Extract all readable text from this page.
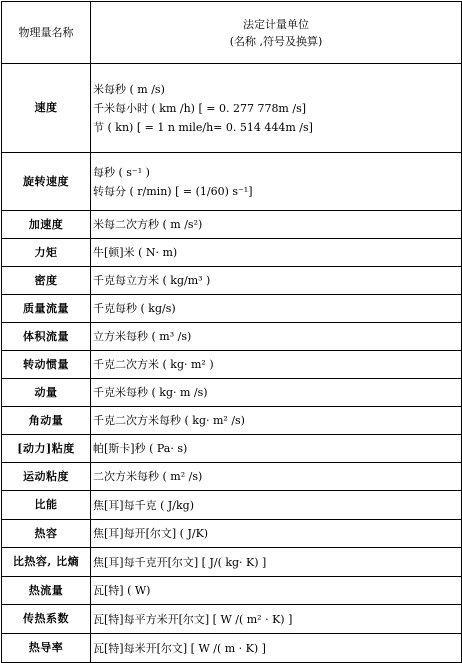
物理量名称	法定计量单位
(名称 ,符号及换算)

速度	米每秒 ( m /s)
千米每小时 ( km /h) [ = 0. 277 778m /s]
节 ( kn) [ = 1 n mile/h= 0. 514 444m /s]

旋转速度	每秒 ( s⁻¹ )
转每分 ( r/min) [ = (1/60) s⁻¹]

加速度	米每二次方秒 ( m /s²)

力矩	牛[顿]米 ( N· m)

密度	千克每立方米 ( kg/m³ )

质量流量	千克每秒 ( kg/s)

体积流量	立方米每秒 ( m³ /s)

转动惯量	千克二次方米 ( kg· m² )

动量	千克米每秒 ( kg· m /s)

角动量	千克二次方米每秒 ( kg· m² /s)

[动力]粘度	帕[斯卡]秒 ( Pa· s)

运动粘度	二次方米每秒 ( m² /s)

比能	焦[耳]每千克 ( J/kg)

热容	焦[耳]每开[尔文] ( J/K)

比热容, 比熵	焦[耳]每千克开[尔文] [ J/( kg· K) ]

热流量	瓦[特] ( W)

传热系数	瓦[特]每平方米开[尔文] [ W /( m² · K) ]

热导率	瓦[特]每米开[尔文] [ W /( m · K) ]
